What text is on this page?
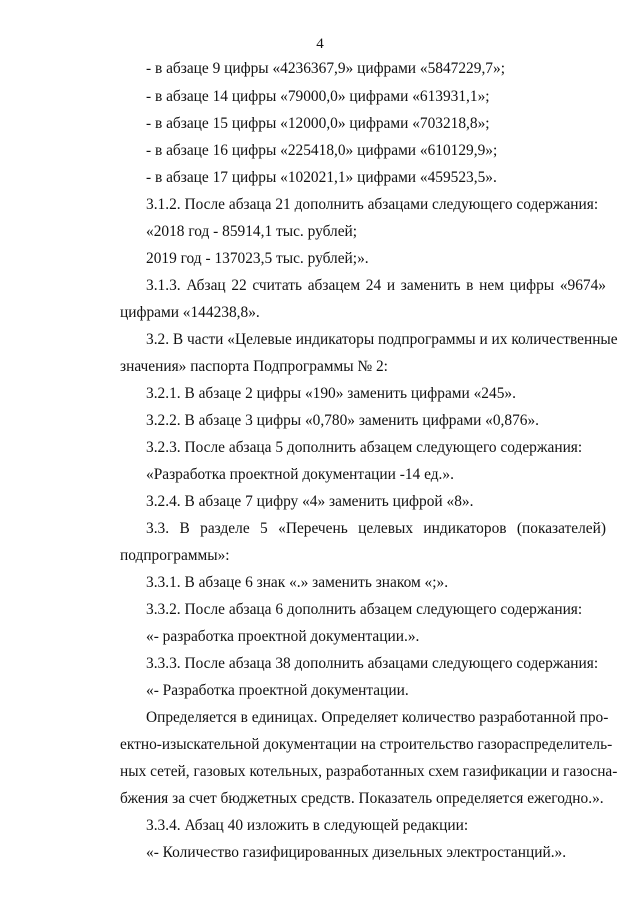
4
- в абзаце 9 цифры «4236367,9» цифрами «5847229,7»;
- в абзаце 14 цифры «79000,0» цифрами «613931,1»;
- в абзаце 15 цифры «12000,0» цифрами «703218,8»;
- в абзаце 16 цифры «225418,0» цифрами «610129,9»;
- в абзаце 17 цифры «102021,1» цифрами «459523,5».
3.1.2. После абзаца 21 дополнить абзацами следующего содержания:
«2018 год - 85914,1 тыс. рублей;
2019 год - 137023,5 тыс. рублей;».
3.1.3. Абзац 22 считать абзацем 24 и заменить в нем цифры «9674»
цифрами «144238,8».
3.2. В части «Целевые индикаторы подпрограммы и их количественные
значения» паспорта Подпрограммы № 2:
3.2.1. В абзаце 2 цифры «190» заменить цифрами «245».
3.2.2. В абзаце 3 цифры «0,780» заменить цифрами «0,876».
3.2.3. После абзаца 5 дополнить абзацем следующего содержания:
«Разработка проектной документации -14 ед.».
3.2.4. В абзаце 7 цифру «4» заменить цифрой «8».
3.3. В разделе 5 «Перечень целевых индикаторов (показателей)
подпрограммы»:
3.3.1. В абзаце 6 знак «.» заменить знаком «;».
3.3.2. После абзаца 6 дополнить абзацем следующего содержания:
«- разработка проектной документации.».
3.3.3. После абзаца 38 дополнить абзацами следующего содержания:
«- Разработка проектной документации.
Определяется в единицах. Определяет количество разработанной про-
ектно-изыскательной документации на строительство газораспределитель-
ных сетей, газовых котельных, разработанных схем газификации и газосна-
бжения за счет бюджетных средств. Показатель определяется ежегодно.».
3.3.4. Абзац 40 изложить в следующей редакции:
«- Количество газифицированных дизельных электростанций.».
